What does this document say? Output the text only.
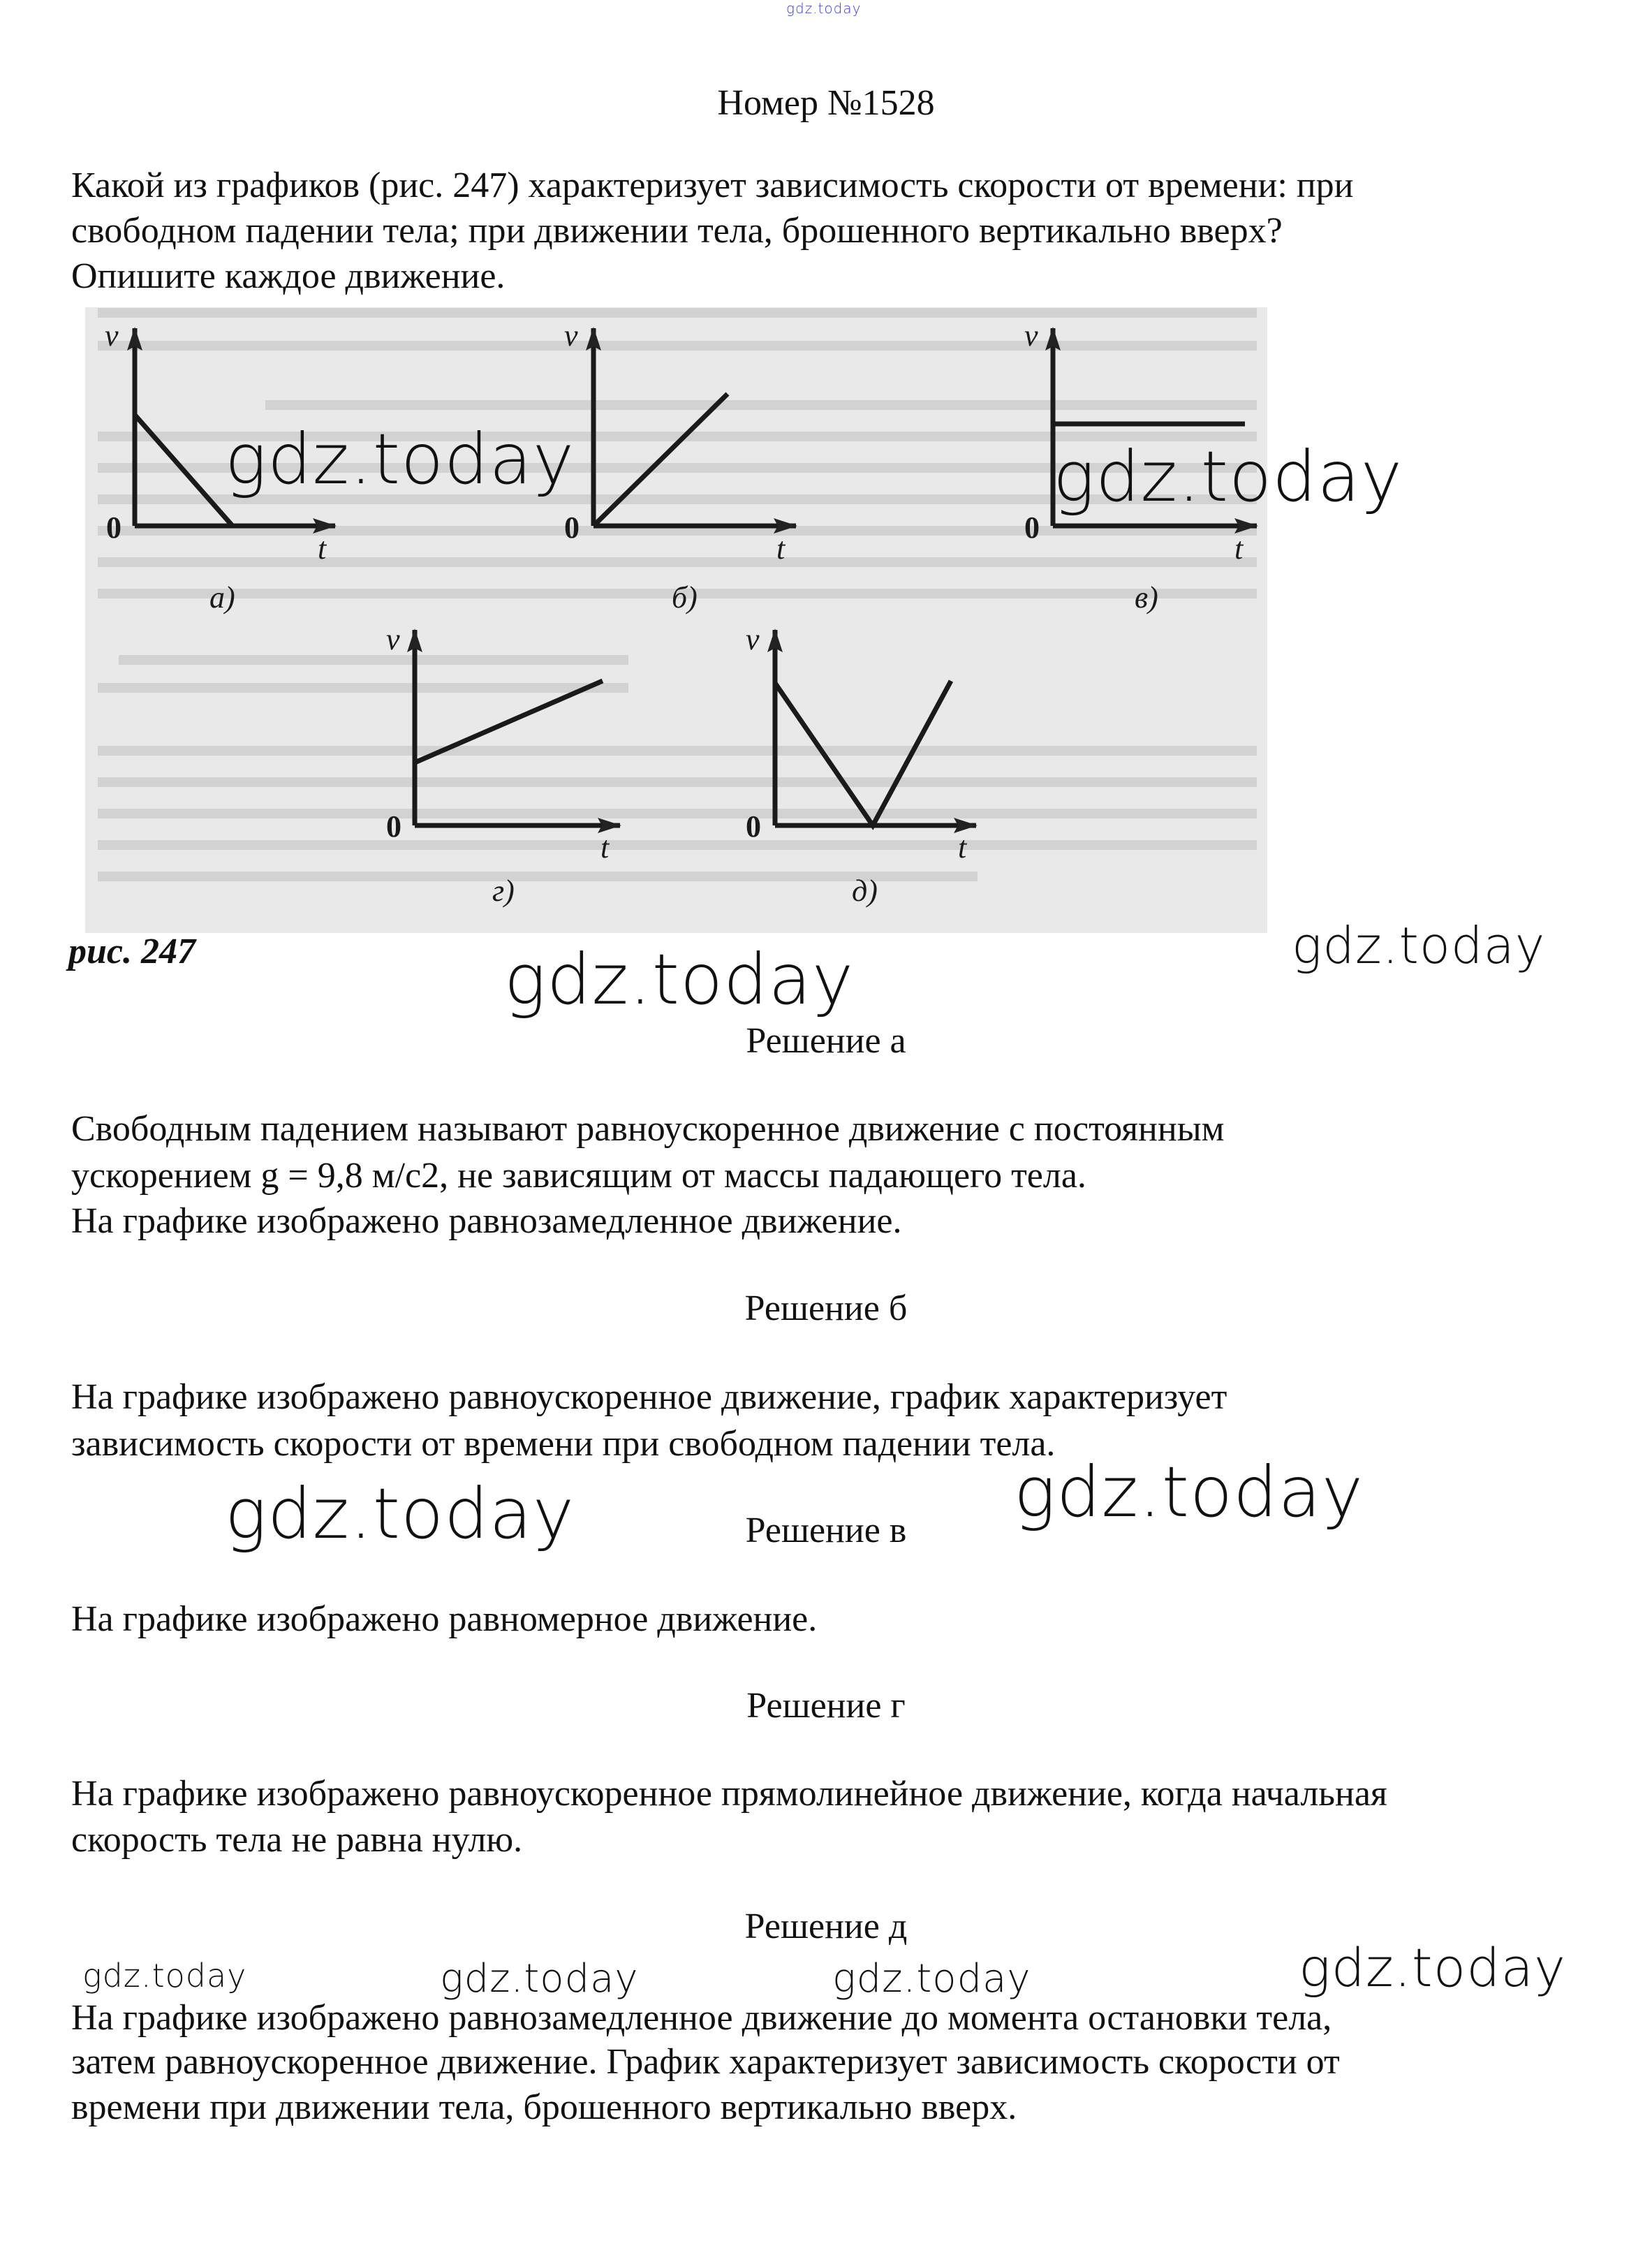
gdz.today
Номер №1528
Какой из графиков (рис. 247) характеризует зависимость скорости от времени: при
свободном падении тела; при движении тела, брошенного вертикально вверх?
Опишите каждое движение.
v
0
t
а)
v
0
t
б)
v
0
t
в)
v
0
t
г)
v
0
t
д)
рис. 247
Решение а
Свободным падением называют равноускоренное движение с постоянным
ускорением g = 9,8 м/с2, не зависящим от массы падающего тела.
На графике изображено равнозамедленное движение.
Решение б
На графике изображено равноускоренное движение, график характеризует
зависимость скорости от времени при свободном падении тела.
Решение в
На графике изображено равномерное движение.
Решение г
На графике изображено равноускоренное прямолинейное движение, когда начальная
скорость тела не равна нулю.
Решение д
На графике изображено равнозамедленное движение до момента остановки тела,
затем равноускоренное движение. График характеризует зависимость скорости от
времени при движении тела, брошенного вертикально вверх.
gdz.today	gdz.today
gdz.today	gdz.today
gdz.today	gdz.today
gdz.today	gdz.today	gdz.today	gdz.today
